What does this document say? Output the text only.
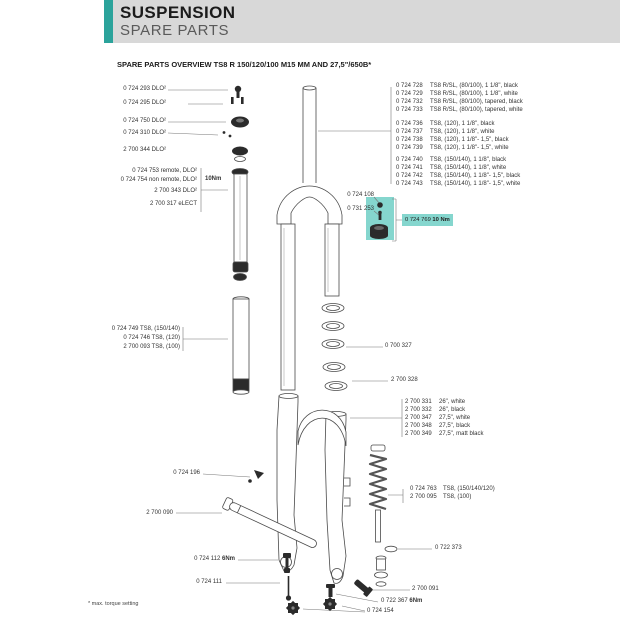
SUSPENSION
SPARE PARTS
SPARE PARTS OVERVIEW TS8 R 150/120/100 M15 MM AND 27,5"/650B*
0 724 293 DLO²
0 724 295 DLO²
0 724 750 DLO²
0 724 310 DLO²
2 700 344 DLO²
0 724 753 remote, DLO²
0 724 754 non remote, DLO²
2 700 343 DLO²
2 700 317 eLECT
10Nm
0 724 749 TS8, (150/140)
0 724 746 TS8, (120)
2 700 093 TS8, (100)
0 724 196
2 700 090
0 724 112 6Nm
0 724 111
0 724 728	TS8 R/SL, (80/100), 1 1/8", black
0 724 729	TS8 R/SL, (80/100), 1 1/8", white
0 724 732	TS8 R/SL, (80/100), tapered, black
0 724 733	TS8 R/SL, (80/100), tapered, white
0 724 736	TS8, (120), 1 1/8", black
0 724 737	TS8, (120), 1 1/8", white
0 724 738	TS8, (120), 1 1/8"- 1,5", black
0 724 739	TS8, (120), 1 1/8"- 1,5", white
0 724 740	TS8, (150/140), 1 1/8", black
0 724 741	TS8, (150/140), 1 1/8", white
0 724 742	TS8, (150/140), 1 1/8"- 1,5", black
0 724 743	TS8, (150/140), 1 1/8"- 1,5", white
0 724 108
0 731 253
0 724 769
10 Nm
0 700 327
2 700 328
2 700 331	26", white
2 700 332	26", black
2 700 347	27,5", white
2 700 348	27,5", black
2 700 349	27,5", matt black
0 724 763	TS8, (150/140/120)
2 700 095	TS8, (100)
0 722 373
2 700 091
0 722 367 6Nm
0 724 154
* max. torque setting
